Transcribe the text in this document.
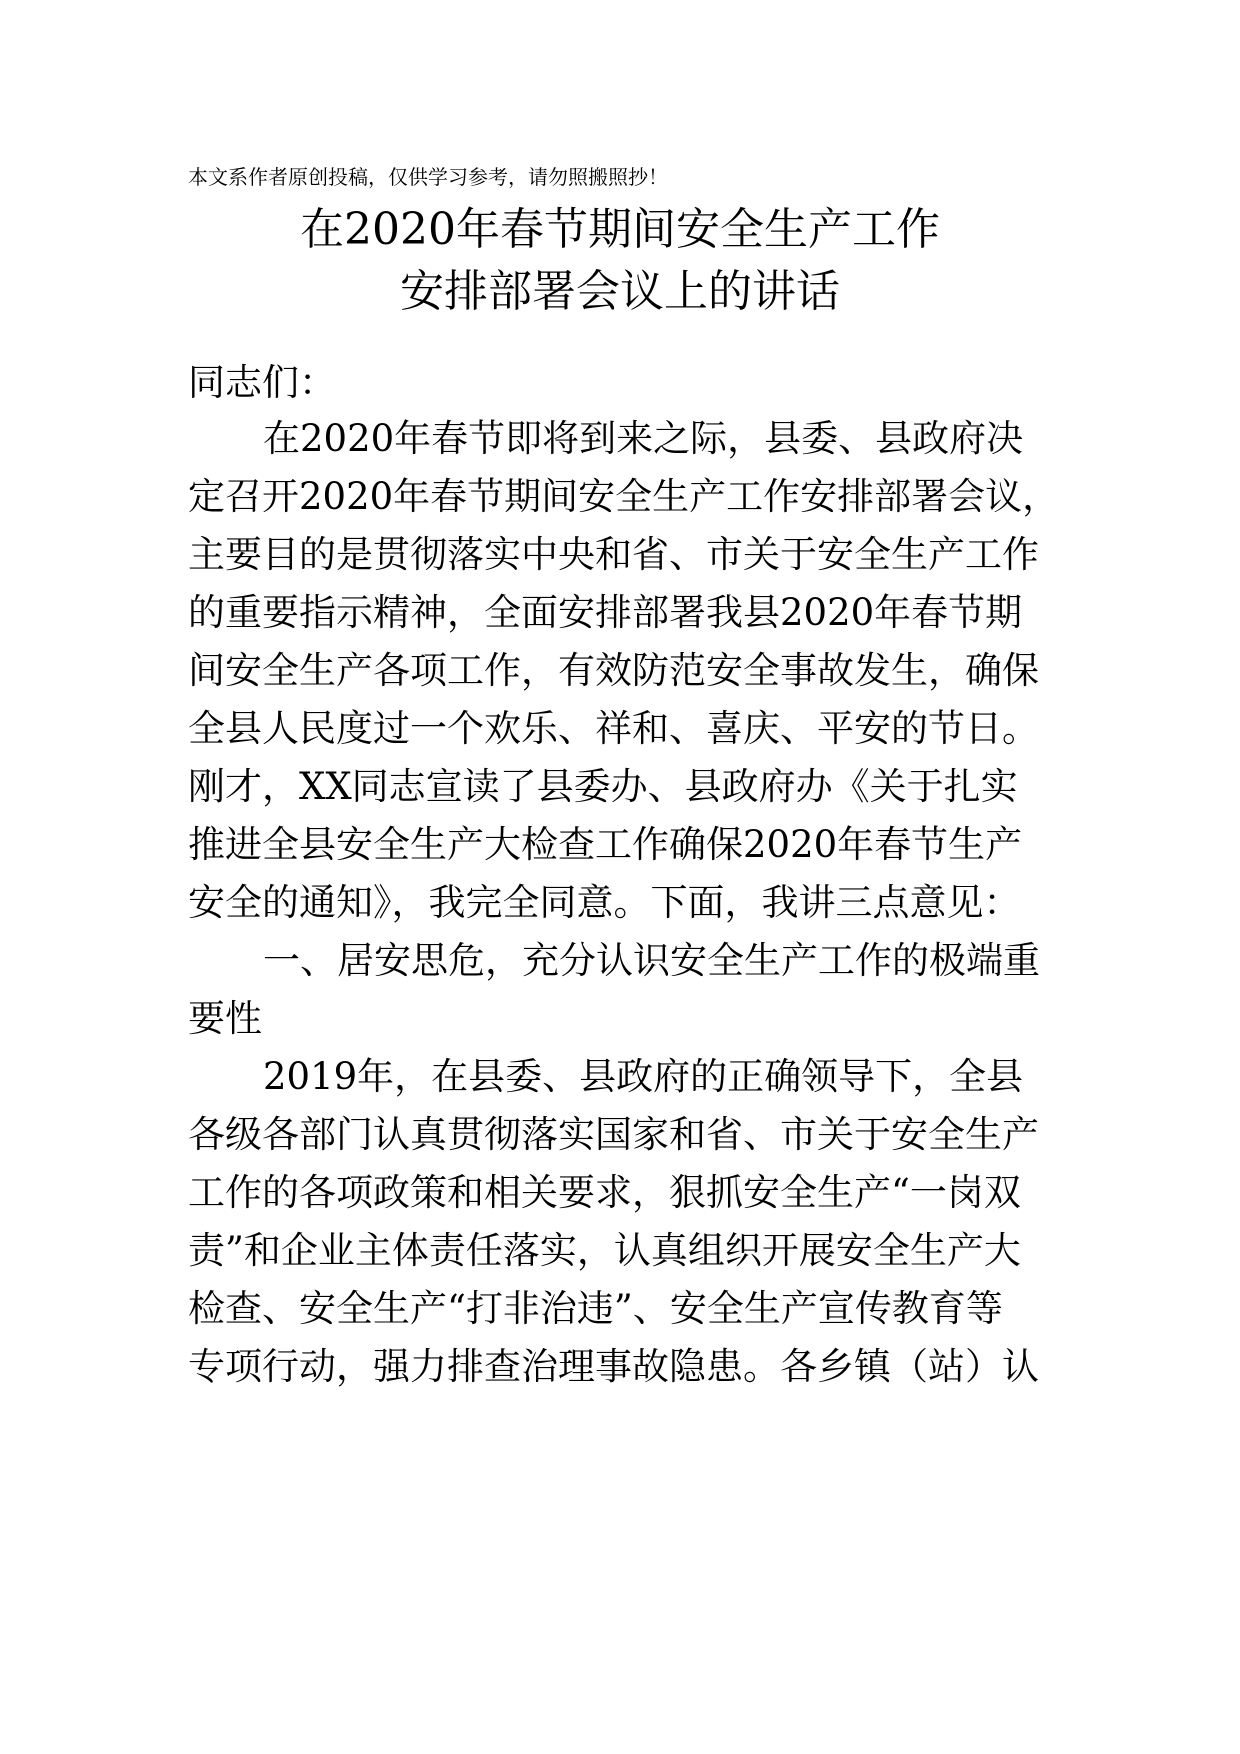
本文系作者原创投稿，仅供学习参考，请勿照搬照抄！
在2020年春节期间安全生产工作
安排部署会议上的讲话
同志们：
在2020年春节即将到来之际，县委、县政府决
定召开2020年春节期间安全生产工作安排部署会议，
主要目的是贯彻落实中央和省、市关于安全生产工作
的重要指示精神，全面安排部署我县2020年春节期
间安全生产各项工作，有效防范安全事故发生，确保
全县人民度过一个欢乐、祥和、喜庆、平安的节日。
刚才，XX同志宣读了县委办、县政府办《关于扎实
推进全县安全生产大检查工作确保2020年春节生产
安全的通知》，我完全同意。下面，我讲三点意见：
一、居安思危，充分认识安全生产工作的极端重
要性
2019年，在县委、县政府的正确领导下，全县
各级各部门认真贯彻落实国家和省、市关于安全生产
工作的各项政策和相关要求，狠抓安全生产“一岗双
责”和企业主体责任落实，认真组织开展安全生产大
检查、安全生产“打非治违”、安全生产宣传教育等
专项行动，强力排查治理事故隐患。各乡镇（站）认
